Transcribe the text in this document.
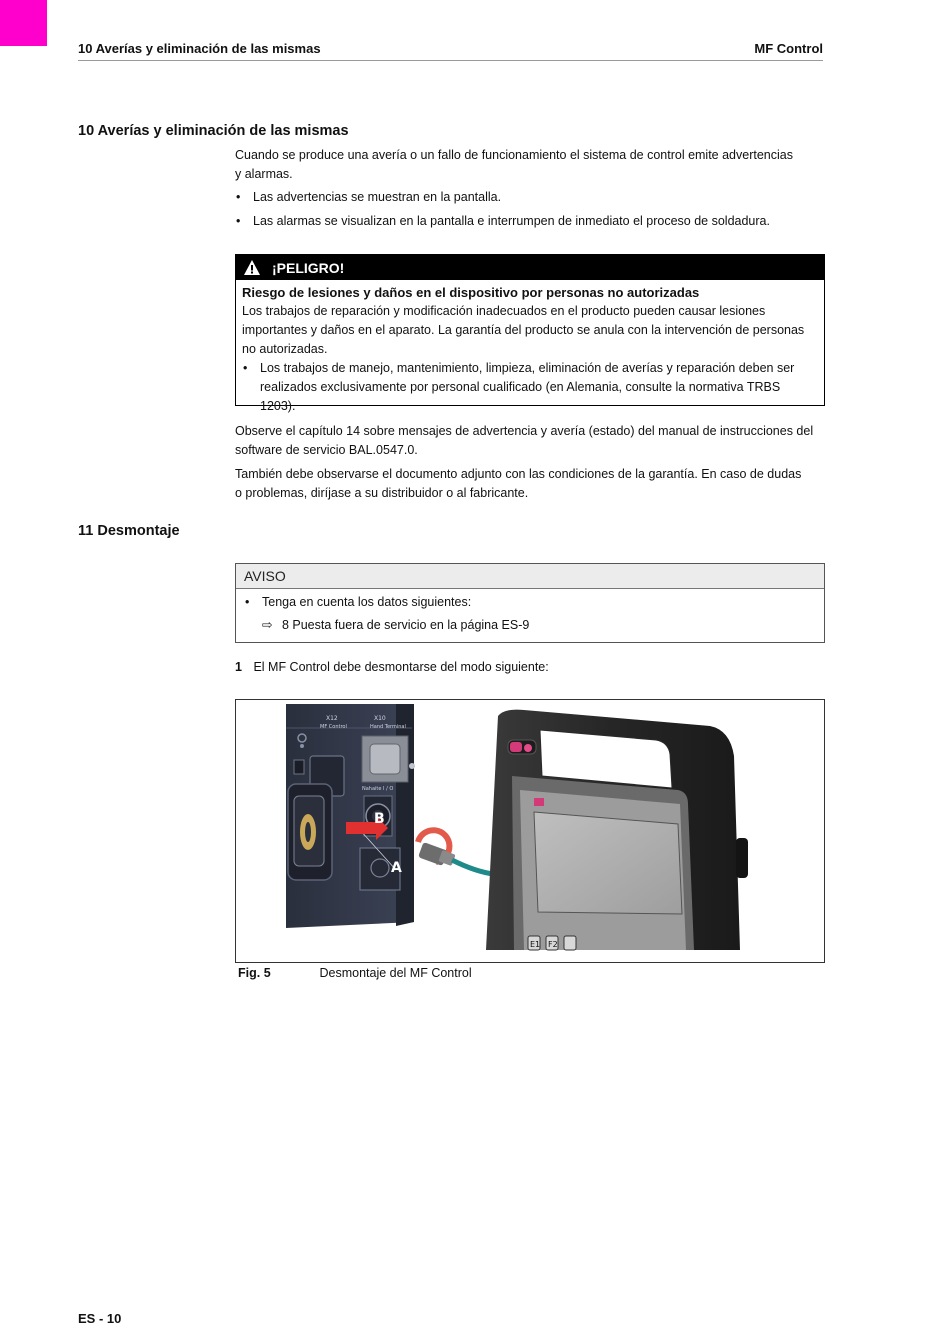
10 Averías y eliminación de las mismas	MF Control
10 Averías y eliminación de las mismas

Cuando se produce una avería o un fallo de funcionamiento el sistema de control emite advertencias
y alarmas.

• Las advertencias se muestran en la pantalla.
• Las alarmas se visualizan en la pantalla e interrumpen de inmediato el proceso de soldadura.
¡PELIGRO!
Riesgo de lesiones y daños en el dispositivo por personas no autorizadas
Los trabajos de reparación y modificación inadecuados en el producto pueden causar lesiones
importantes y daños en el aparato. La garantía del producto se anula con la intervención de personas
no autorizadas.
• Los trabajos de manejo, mantenimiento, limpieza, eliminación de averías y reparación deben ser
realizados exclusivamente por personal cualificado (en Alemania, consulte la normativa TRBS 1203).

Observe el capítulo 14 sobre mensajes de advertencia y avería (estado) del manual de instrucciones del
software de servicio BAL.0547.0.

También debe observarse el documento adjunto con las condiciones de la garantía. En caso de dudas
o problemas, diríjase a su distribuidor o al fabricante.

11 Desmontaje
AVISO
• Tenga en cuenta los datos siguientes:
⇨ 8 Puesta fuera de servicio en la página ES-9
1 El MF Control debe desmontarse del modo siguiente:
X12
MF Control
X10
Hand Terminal
Nahaite I / O
B
A
E1 F2
Fig. 5	Desmontaje del MF Control
ES - 10
